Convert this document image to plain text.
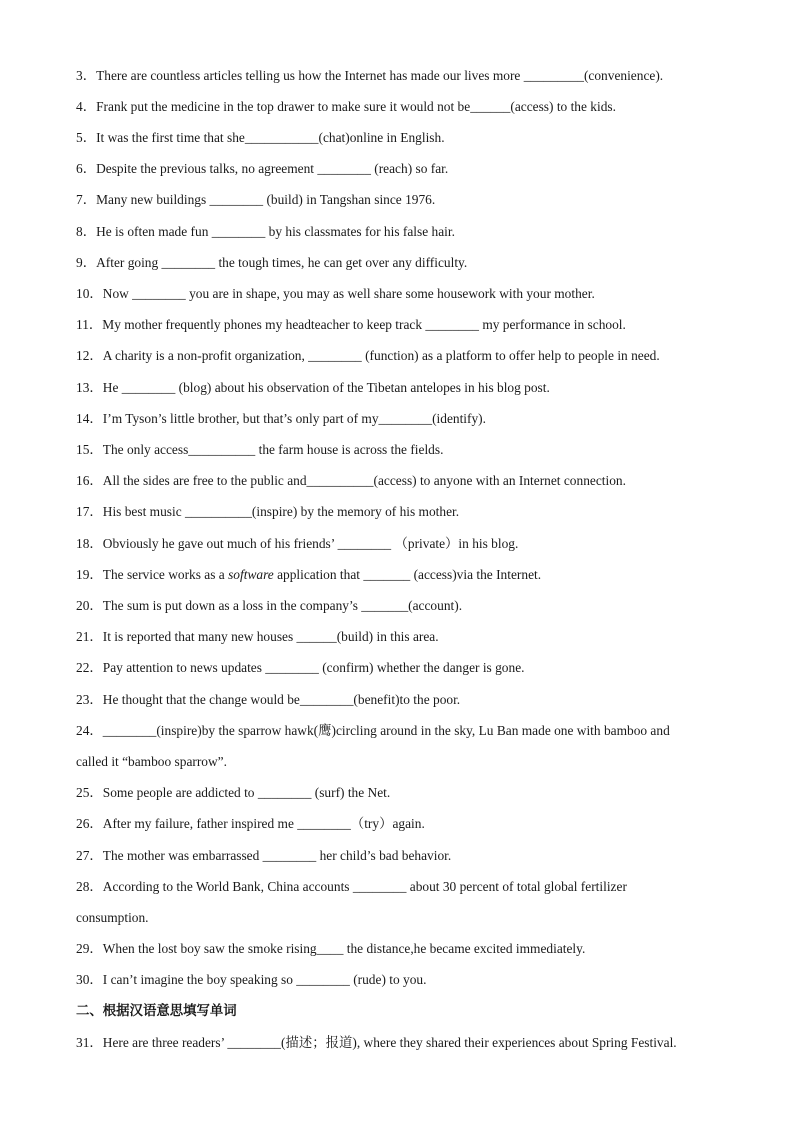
3．There are countless articles telling us how the Internet has made our lives more _________(convenience).
4．Frank put the medicine in the top drawer to make sure it would not be______(access) to the kids.
5．It was the first time that she___________(chat)online in English.
6．Despite the previous talks, no agreement ________ (reach) so far.
7．Many new buildings ________ (build) in Tangshan since 1976.
8．He is often made fun ________ by his classmates for his false hair.
9．After going ________ the tough times, he can get over any difficulty.
10．Now ________ you are in shape, you may as well share some housework with your mother.
11．My mother frequently phones my headteacher to keep track ________ my performance in school.
12．A charity is a non-profit organization, ________ (function) as a platform to offer help to people in need.
13．He ________ (blog) about his observation of the Tibetan antelopes in his blog post.
14．I’m Tyson’s little brother, but that’s only part of my________(identify).
15．The only access__________ the farm house is across the fields.
16．All the sides are free to the public and__________(access) to anyone with an Internet connection.
17．His best music __________(inspire) by the memory of his mother.
18．Obviously he gave out much of his friends’ ________ （private）in his blog.
19．The service works as a software application that _______ (access)via the Internet.
20．The sum is put down as a loss in the company’s _______(account).
21．It is reported that many new houses ______(build) in this area.
22．Pay attention to news updates ________ (confirm) whether the danger is gone.
23．He thought that the change would be________(benefit)to the poor.
24．________(inspire)by the sparrow hawk(鹰)circling around in the sky, Lu Ban made one with bamboo and
called it “bamboo sparrow”.
25．Some people are addicted to ________ (surf) the Net.
26．After my failure, father inspired me ________（try）again.
27．The mother was embarrassed ________ her child’s bad behavior.
28．According to the World Bank, China accounts ________ about 30 percent of total global fertilizer
consumption.
29．When the lost boy saw the smoke rising____ the distance,he became excited immediately.
30．I can’t imagine the boy speaking so ________ (rude) to you.
二、根据汉语意思填写单词
31．Here are three readers’ ________(描述；报道), where they shared their experiences about Spring Festival.
